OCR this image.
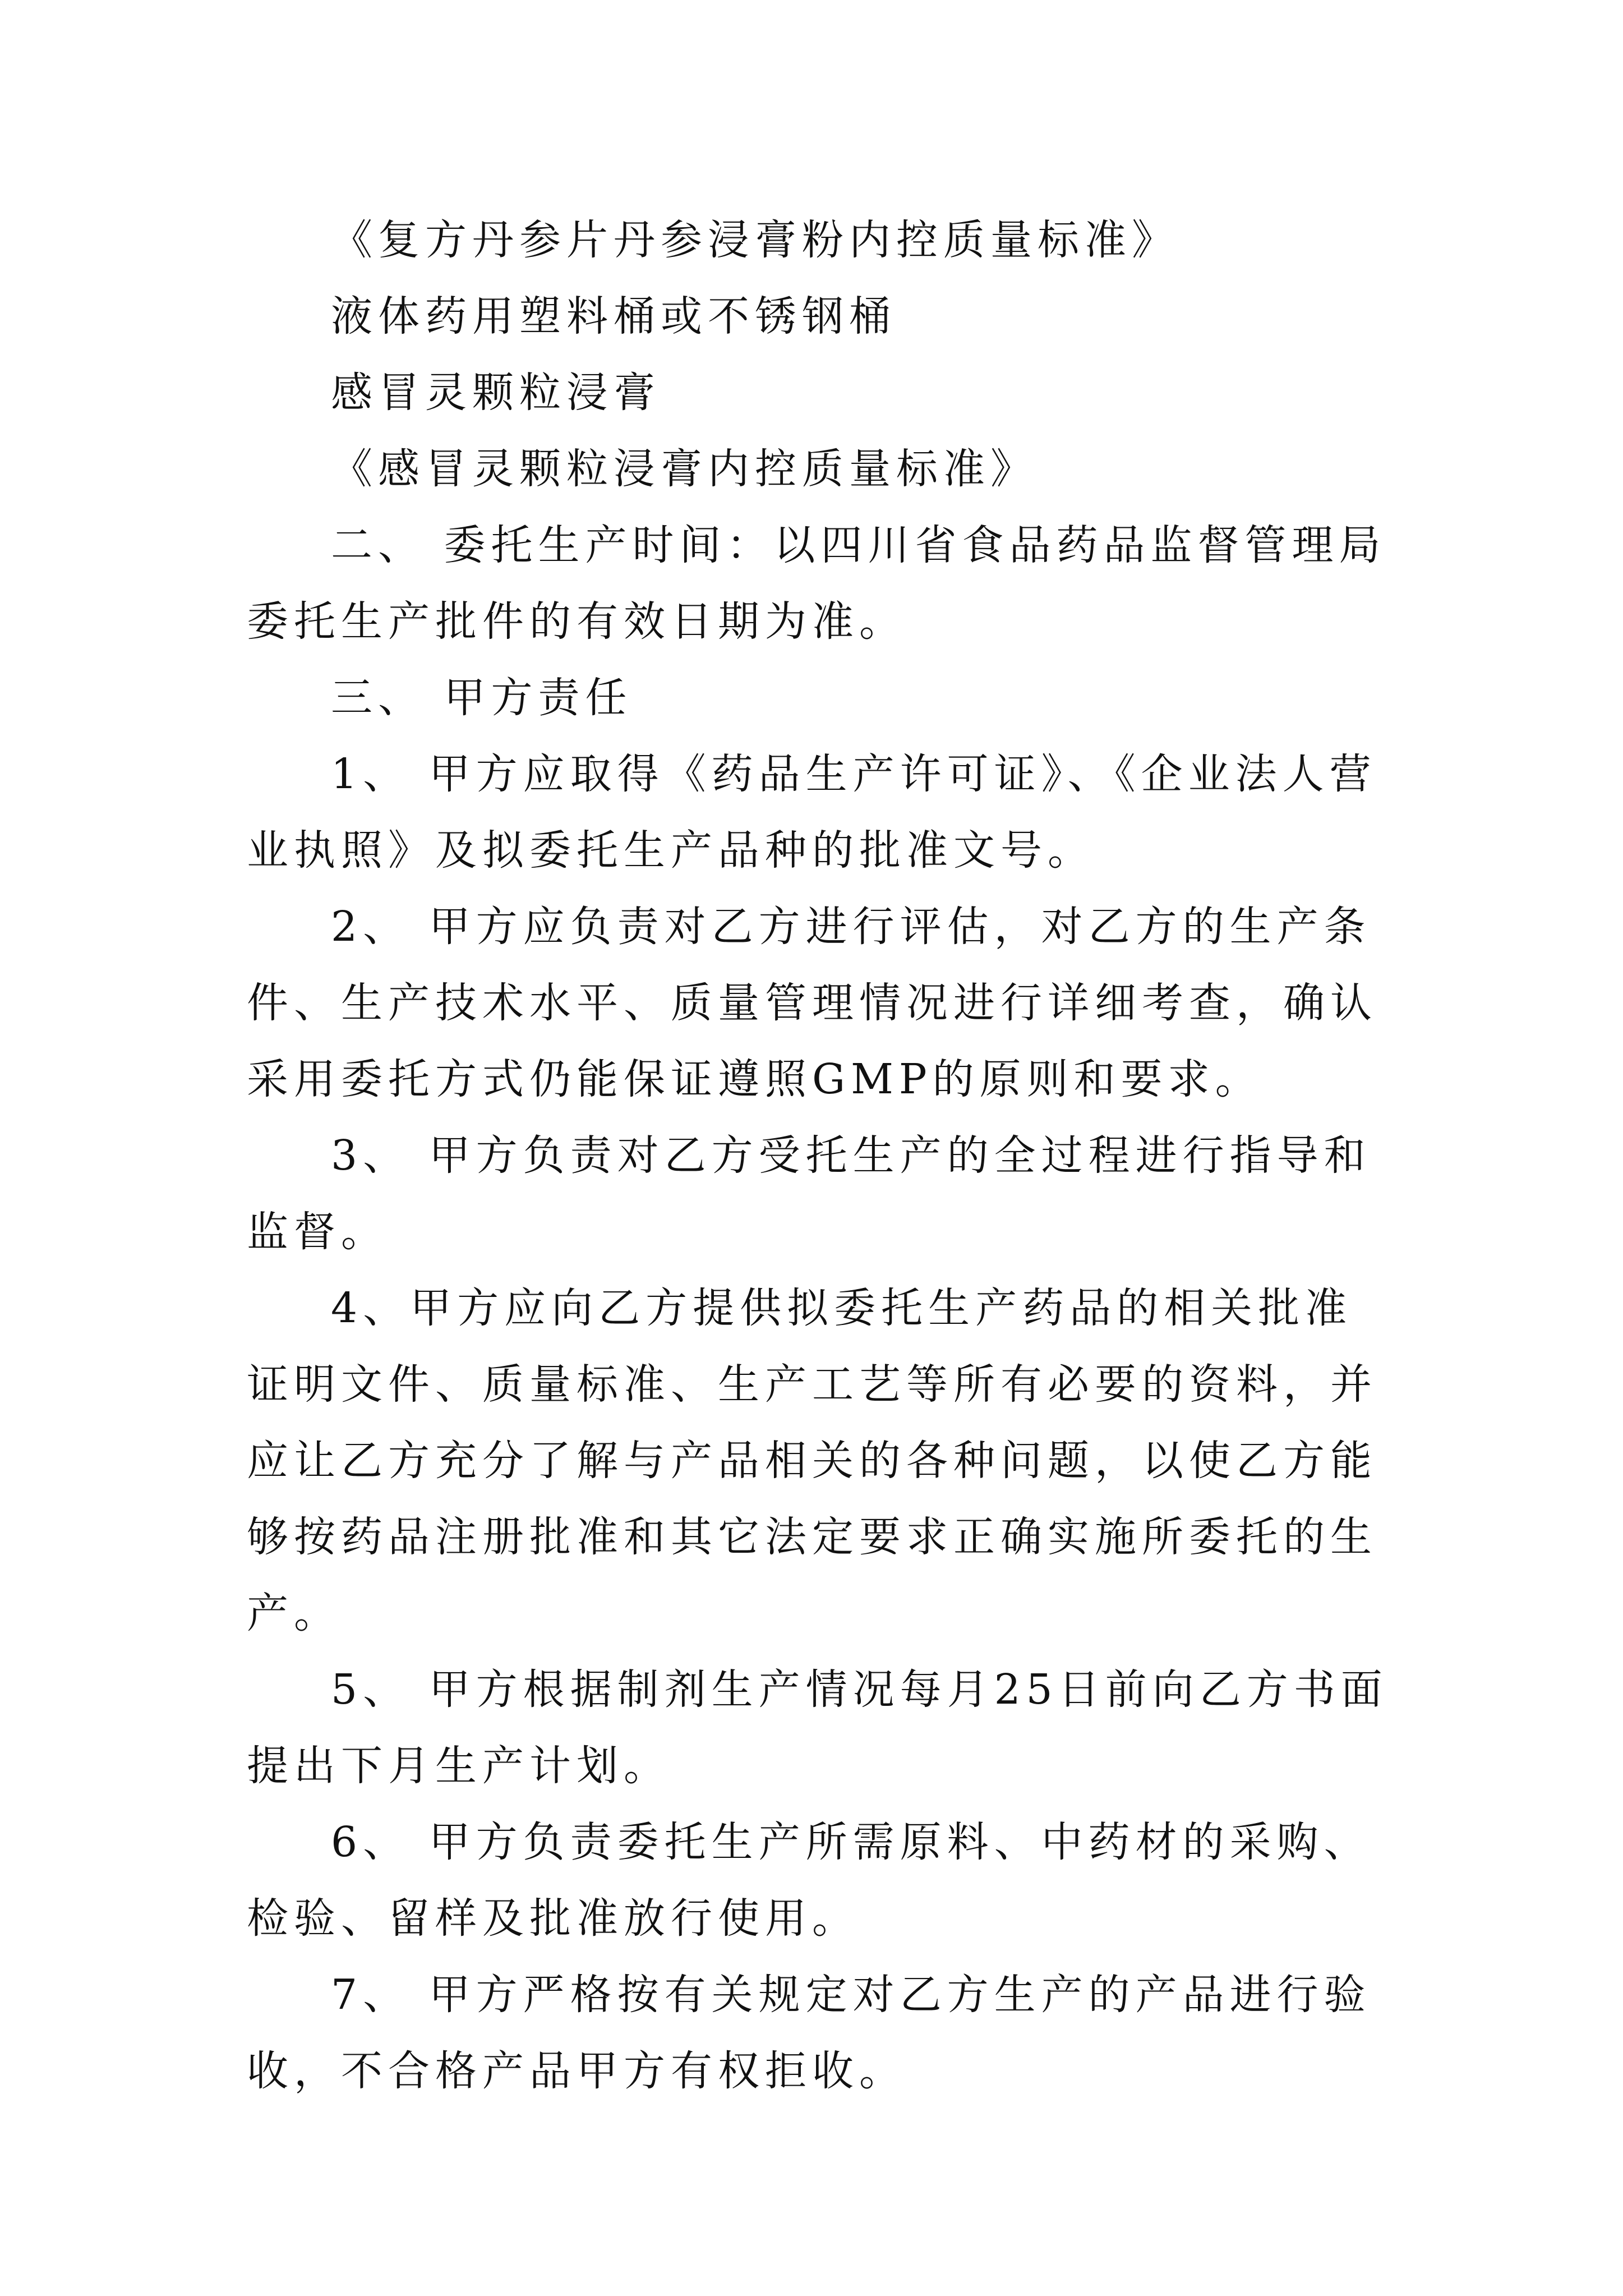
《复方丹参片丹参浸膏粉内控质量标准》

液体药用塑料桶或不锈钢桶

感冒灵颗粒浸膏

《感冒灵颗粒浸膏内控质量标准》

二、 委托生产时间：以四川省食品药品监督管理局委托生产批件的有效日期为准。

三、 甲方责任

1、 甲方应取得《药品生产许可证》、《企业法人营业执照》及拟委托生产品种的批准文号。

2、 甲方应负责对乙方进行评估，对乙方的生产条件、生产技术水平、质量管理情况进行详细考查，确认采用委托方式仍能保证遵照GMP的原则和要求。

3、 甲方负责对乙方受托生产的全过程进行指导和监督。

4、甲方应向乙方提供拟委托生产药品的相关批准证明文件、质量标准、生产工艺等所有必要的资料，并应让乙方充分了解与产品相关的各种问题，以使乙方能够按药品注册批准和其它法定要求正确实施所委托的生产。

5、 甲方根据制剂生产情况每月25日前向乙方书面提出下月生产计划。

6、 甲方负责委托生产所需原料、中药材的采购、检验、留样及批准放行使用。

7、 甲方严格按有关规定对乙方生产的产品进行验收，不合格产品甲方有权拒收。
